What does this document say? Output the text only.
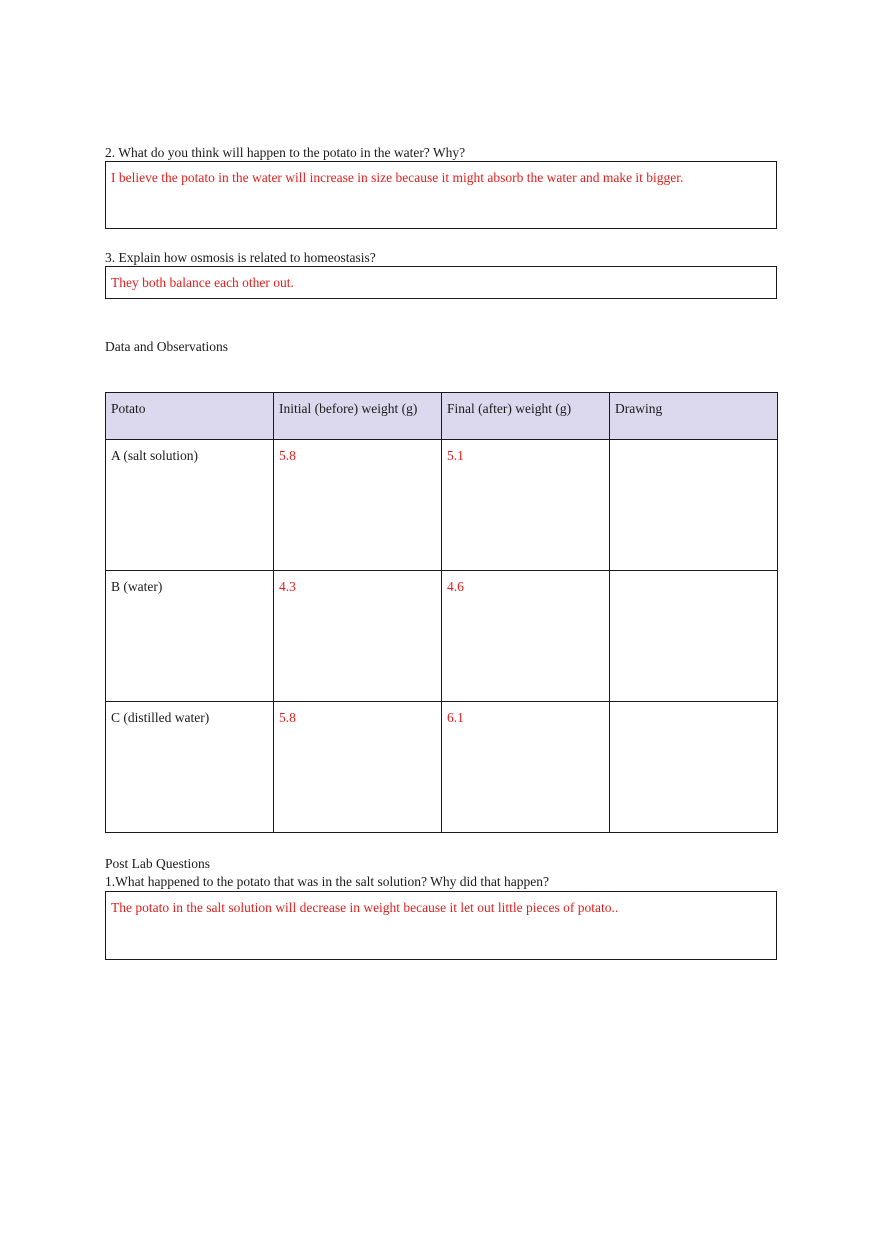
2. What do you think will happen to the potato in the water? Why?
I believe the potato in the water will increase in size because it might absorb the water and make it bigger.
3. Explain how osmosis is related to homeostasis?
They both balance each other out.
Data and Observations
Potato	Initial (before) weight (g)	Final (after) weight (g)	Drawing
A (salt solution)	5.8	5.1	
B (water)	4.3	4.6	
C (distilled water)	5.8	6.1	
Post Lab Questions
1.What happened to the potato that was in the salt solution? Why did that happen?
The potato in the salt solution will decrease in weight because it let out little pieces of potato..
